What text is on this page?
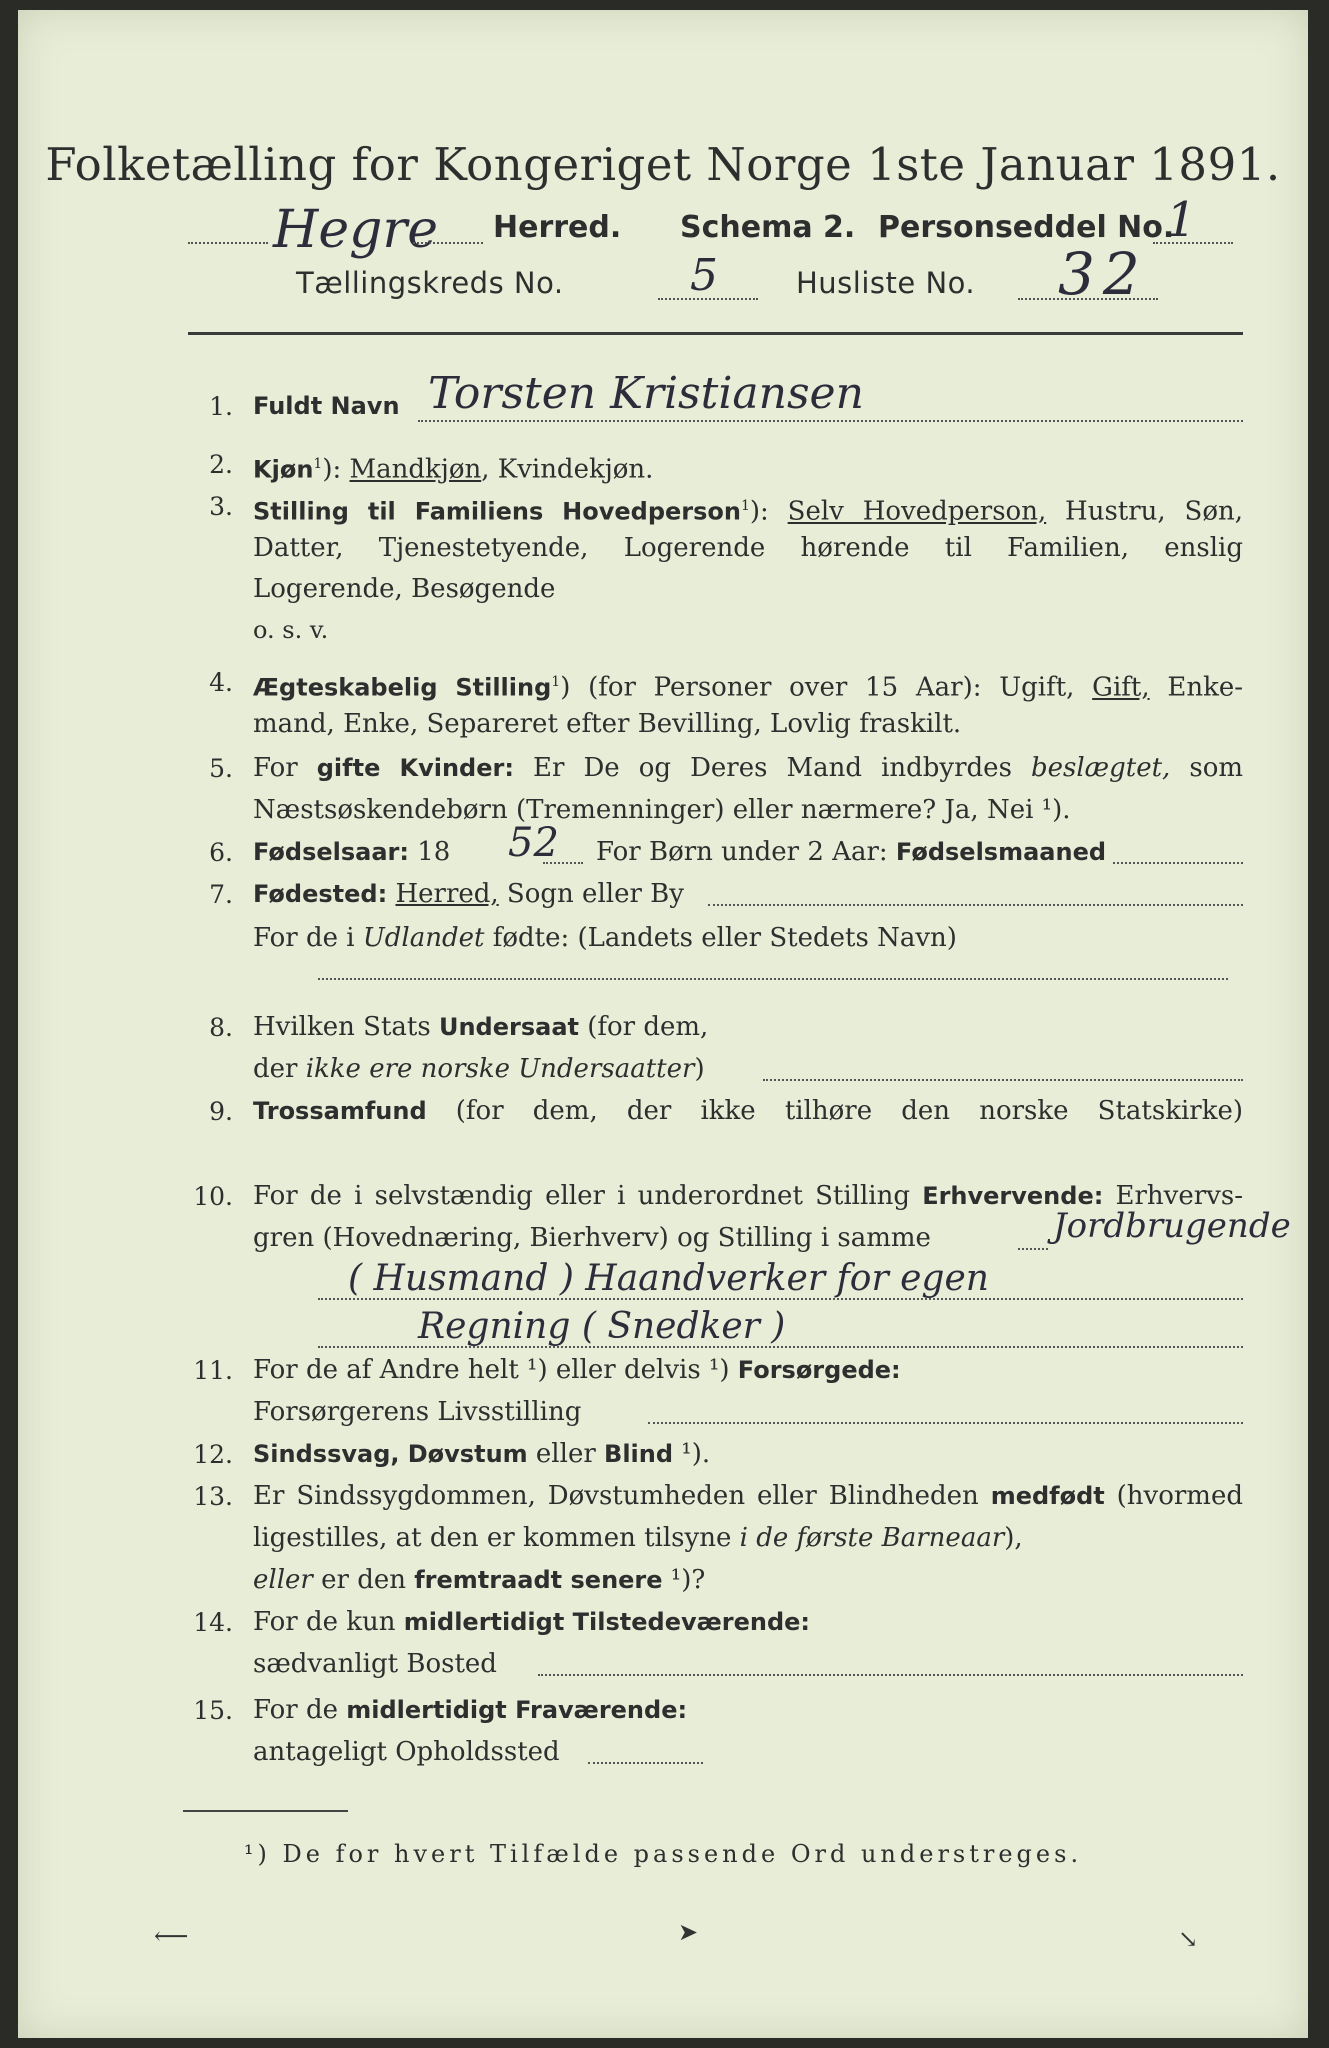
Folketælling for Kongeriget Norge 1ste Januar 1891.
Hegre Herred. Schema 2. Personseddel No.
1
Tællingskreds No.	5	Husliste No. 32
1. Fuldt Navn Torsten Kristiansen
2. Kjøn$^1$): Mandkjøn, Kvindekjøn.
3. Stilling til Familiens Hovedperson$^1$): Selv Hovedperson, Hustru, Søn,
Datter, Tjenestetyende, Logerende hørende til Familien, enslig
Logerende, Besøgende
o. s. v.
4. Ægteskabelig Stilling$^1$) (for Personer over 15 Aar): Ugift, Gift, Enke-
mand, Enke, Separeret efter Bevilling, Lovlig fraskilt.
5. For gifte Kvinder: Er De og Deres Mand indbyrdes beslægtet, som
Næstsøskendebørn (Tremenninger) eller nærmere? Ja, Nei ¹).
6. Fødselsaar: 18	52 For Børn under 2 Aar: Fødselsmaaned
7. Fødested: Herred, Sogn eller By
For de i Udlandet fødte: (Landets eller Stedets Navn)
8. Hvilken Stats Undersaat (for dem,
der ikke ere norske Undersaatter)
9. Trossamfund (for dem, der ikke tilhøre den norske Statskirke)
10. For de i selvstændig eller i underordnet Stilling Erhvervende: Erhvervs-
gren (Hovednæring, Bierhverv) og Stilling i samme	Jordbrugende
( Husmand ) Haandverker for egen
Regning ( Snedker )
11. For de af Andre helt ¹) eller delvis ¹) Forsørgede:
Forsørgerens Livsstilling
12. Sindssvag, Døvstum eller Blind ¹).
13. Er Sindssygdommen, Døvstumheden eller Blindheden medfødt (hvormed
ligestilles, at den er kommen tilsyne i de første Barneaar),
eller er den fremtraadt senere ¹)?
14. For de kun midlertidigt Tilstedeværende:
sædvanligt Bosted
15. For de midlertidigt Fraværende:
antageligt Opholdssted
¹) De for hvert Tilfælde passende Ord understreges.
⟵	➤	↘
